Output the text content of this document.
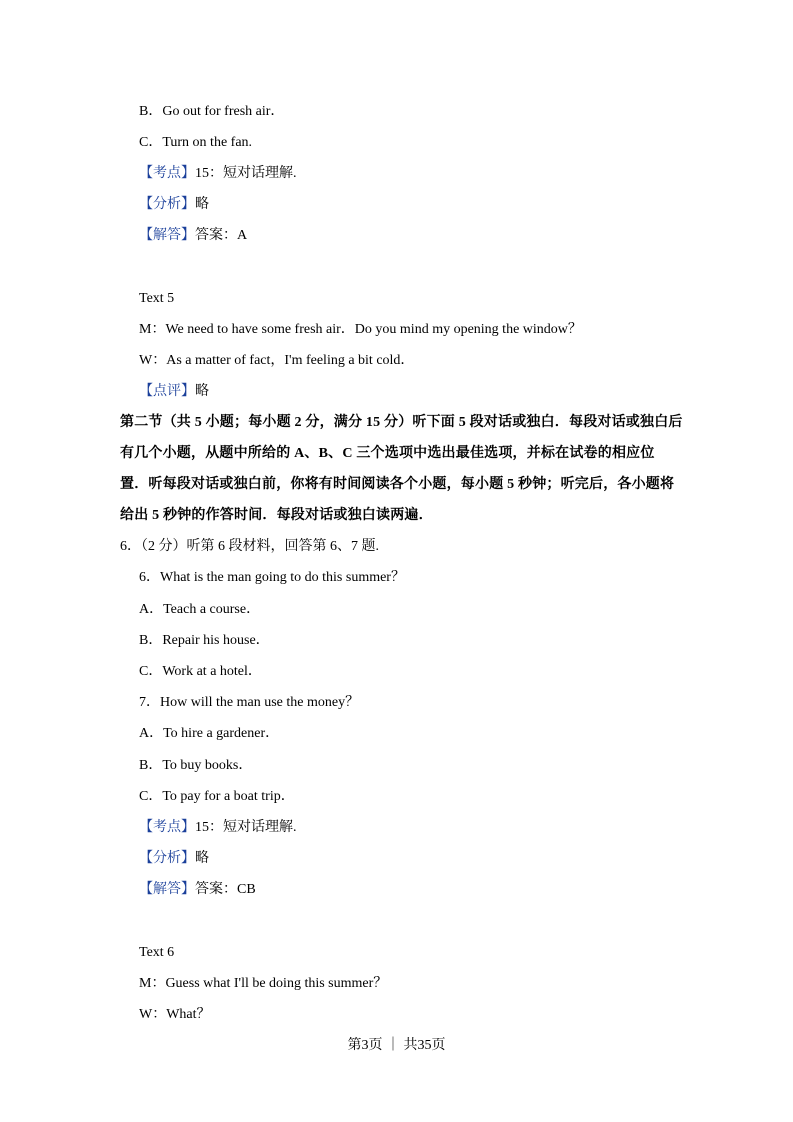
B．Go out for fresh air．
C．Turn on the fan.
【考点】15：短对话理解.
【分析】略
【解答】答案：A
Text 5
M：We need to have some fresh air．Do you mind my opening the window？
W：As a matter of fact，I'm feeling a bit cold．
【点评】略
第二节（共 5 小题；每小题 2 分，满分 15 分）听下面 5 段对话或独白．每段对话或独白后
有几个小题，从题中所给的 A、B、C 三个选项中选出最佳选项，并标在试卷的相应位
置．听每段对话或独白前，你将有时间阅读各个小题，每小题 5 秒钟；听完后，各小题将
给出 5 秒钟的作答时间．每段对话或独白读两遍．
6．（2 分）听第 6 段材料，回答第 6、7 题.
6．What is the man going to do this summer？
A．Teach a course．
B．Repair his house．
C．Work at a hotel．
7．How will the man use the money？
A．To hire a gardener．
B．To buy books．
C．To pay for a boat trip．
【考点】15：短对话理解.
【分析】略
【解答】答案：CB
Text 6
M：Guess what I'll be doing this summer？
W：What？
第3页 ｜ 共35页
